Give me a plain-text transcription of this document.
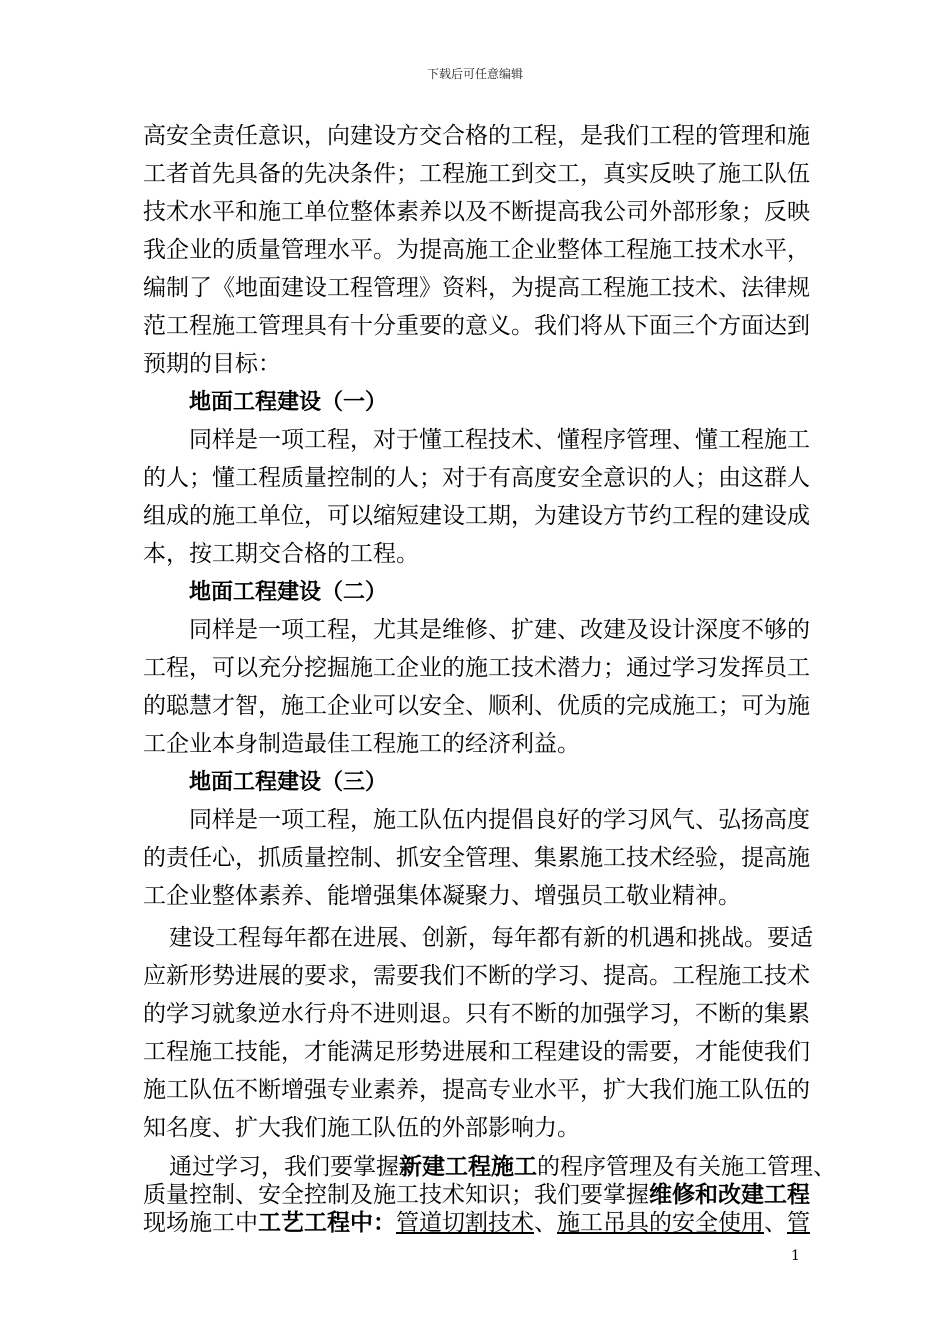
下载后可任意编辑

高安全责任意识，向建设方交合格的工程，是我们工程的管理和施
工者首先具备的先决条件；工程施工到交工，真实反映了施工队伍
技术水平和施工单位整体素养以及不断提高我公司外部形象；反映
我企业的质量管理水平。为提高施工企业整体工程施工技术水平，
编制了《地面建设工程管理》资料，为提高工程施工技术、法律规
范工程施工管理具有十分重要的意义。我们将从下面三个方面达到
预期的目标：

地面工程建设（一）

同样是一项工程，对于懂工程技术、懂程序管理、懂工程施工
的人；懂工程质量控制的人；对于有高度安全意识的人；由这群人
组成的施工单位，可以缩短建设工期，为建设方节约工程的建设成
本，按工期交合格的工程。

地面工程建设（二）

同样是一项工程，尤其是维修、扩建、改建及设计深度不够的
工程，可以充分挖掘施工企业的施工技术潜力；通过学习发挥员工
的聪慧才智，施工企业可以安全、顺利、优质的完成施工；可为施
工企业本身制造最佳工程施工的经济利益。

地面工程建设（三）

同样是一项工程，施工队伍内提倡良好的学习风气、弘扬高度
的责任心，抓质量控制、抓安全管理、集累施工技术经验，提高施
工企业整体素养、能增强集体凝聚力、增强员工敬业精神。

建设工程每年都在进展、创新，每年都有新的机遇和挑战。要适
应新形势进展的要求，需要我们不断的学习、提高。工程施工技术
的学习就象逆水行舟不进则退。只有不断的加强学习，不断的集累
工程施工技能，才能满足形势进展和工程建设的需要，才能使我们
施工队伍不断增强专业素养，提高专业水平，扩大我们施工队伍的
知名度、扩大我们施工队伍的外部影响力。

通过学习，我们要掌握新建工程施工的程序管理及有关施工管理、
质量控制、安全控制及施工技术知识；我们要掌握维修和改建工程
现场施工中工艺工程中：管道切割技术、施工吊具的安全使用、管
1
